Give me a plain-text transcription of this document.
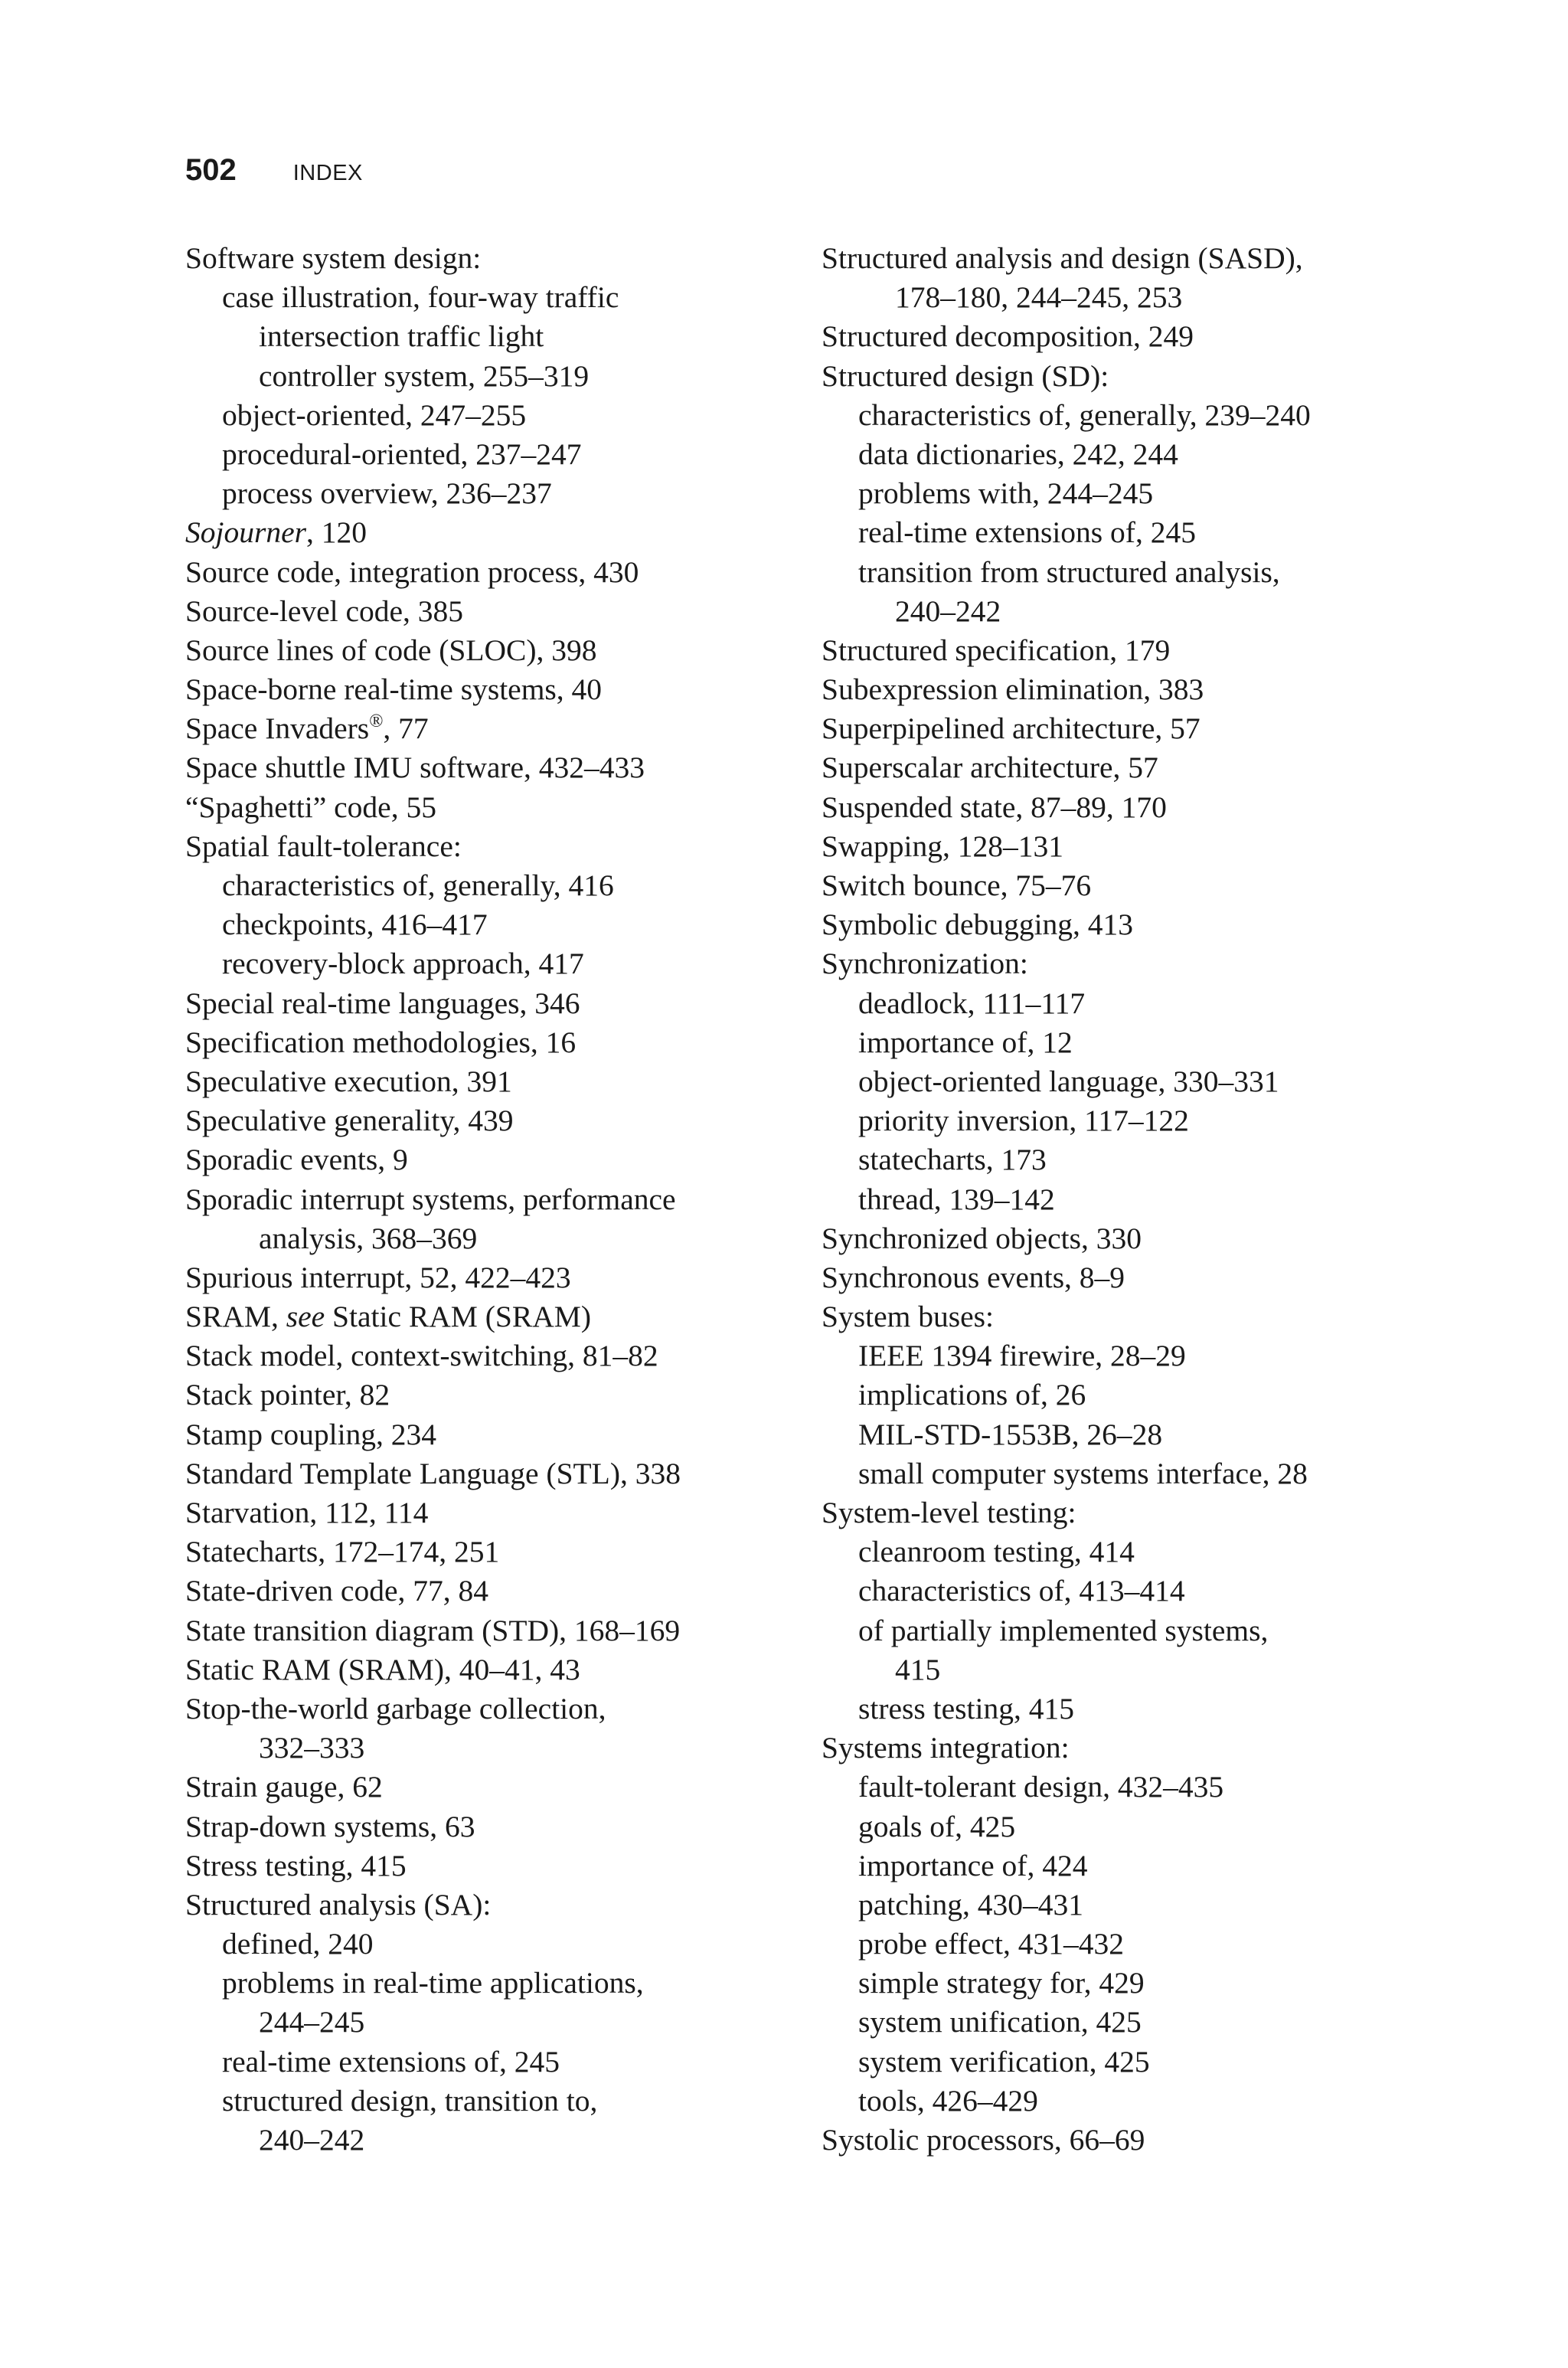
502	INDEX
Software system design:
case illustration, four-way traffic
intersection traffic light
controller system, 255–319
object-oriented, 247–255
procedural-oriented, 237–247
process overview, 236–237
Sojourner, 120
Source code, integration process, 430
Source-level code, 385
Source lines of code (SLOC), 398
Space-borne real-time systems, 40
Space Invaders®, 77
Space shuttle IMU software, 432–433
“Spaghetti” code, 55
Spatial fault-tolerance:
characteristics of, generally, 416
checkpoints, 416–417
recovery-block approach, 417
Special real-time languages, 346
Specification methodologies, 16
Speculative execution, 391
Speculative generality, 439
Sporadic events, 9
Sporadic interrupt systems, performance
analysis, 368–369
Spurious interrupt, 52, 422–423
SRAM, see Static RAM (SRAM)
Stack model, context-switching, 81–82
Stack pointer, 82
Stamp coupling, 234
Standard Template Language (STL), 338
Starvation, 112, 114
Statecharts, 172–174, 251
State-driven code, 77, 84
State transition diagram (STD), 168–169
Static RAM (SRAM), 40–41, 43
Stop-the-world garbage collection,
332–333
Strain gauge, 62
Strap-down systems, 63
Stress testing, 415
Structured analysis (SA):
defined, 240
problems in real-time applications,
244–245
real-time extensions of, 245
structured design, transition to,
240–242
Structured analysis and design (SASD),
178–180, 244–245, 253
Structured decomposition, 249
Structured design (SD):
characteristics of, generally, 239–240
data dictionaries, 242, 244
problems with, 244–245
real-time extensions of, 245
transition from structured analysis,
240–242
Structured specification, 179
Subexpression elimination, 383
Superpipelined architecture, 57
Superscalar architecture, 57
Suspended state, 87–89, 170
Swapping, 128–131
Switch bounce, 75–76
Symbolic debugging, 413
Synchronization:
deadlock, 111–117
importance of, 12
object-oriented language, 330–331
priority inversion, 117–122
statecharts, 173
thread, 139–142
Synchronized objects, 330
Synchronous events, 8–9
System buses:
IEEE 1394 firewire, 28–29
implications of, 26
MIL-STD-1553B, 26–28
small computer systems interface, 28
System-level testing:
cleanroom testing, 414
characteristics of, 413–414
of partially implemented systems,
415
stress testing, 415
Systems integration:
fault-tolerant design, 432–435
goals of, 425
importance of, 424
patching, 430–431
probe effect, 431–432
simple strategy for, 429
system unification, 425
system verification, 425
tools, 426–429
Systolic processors, 66–69
